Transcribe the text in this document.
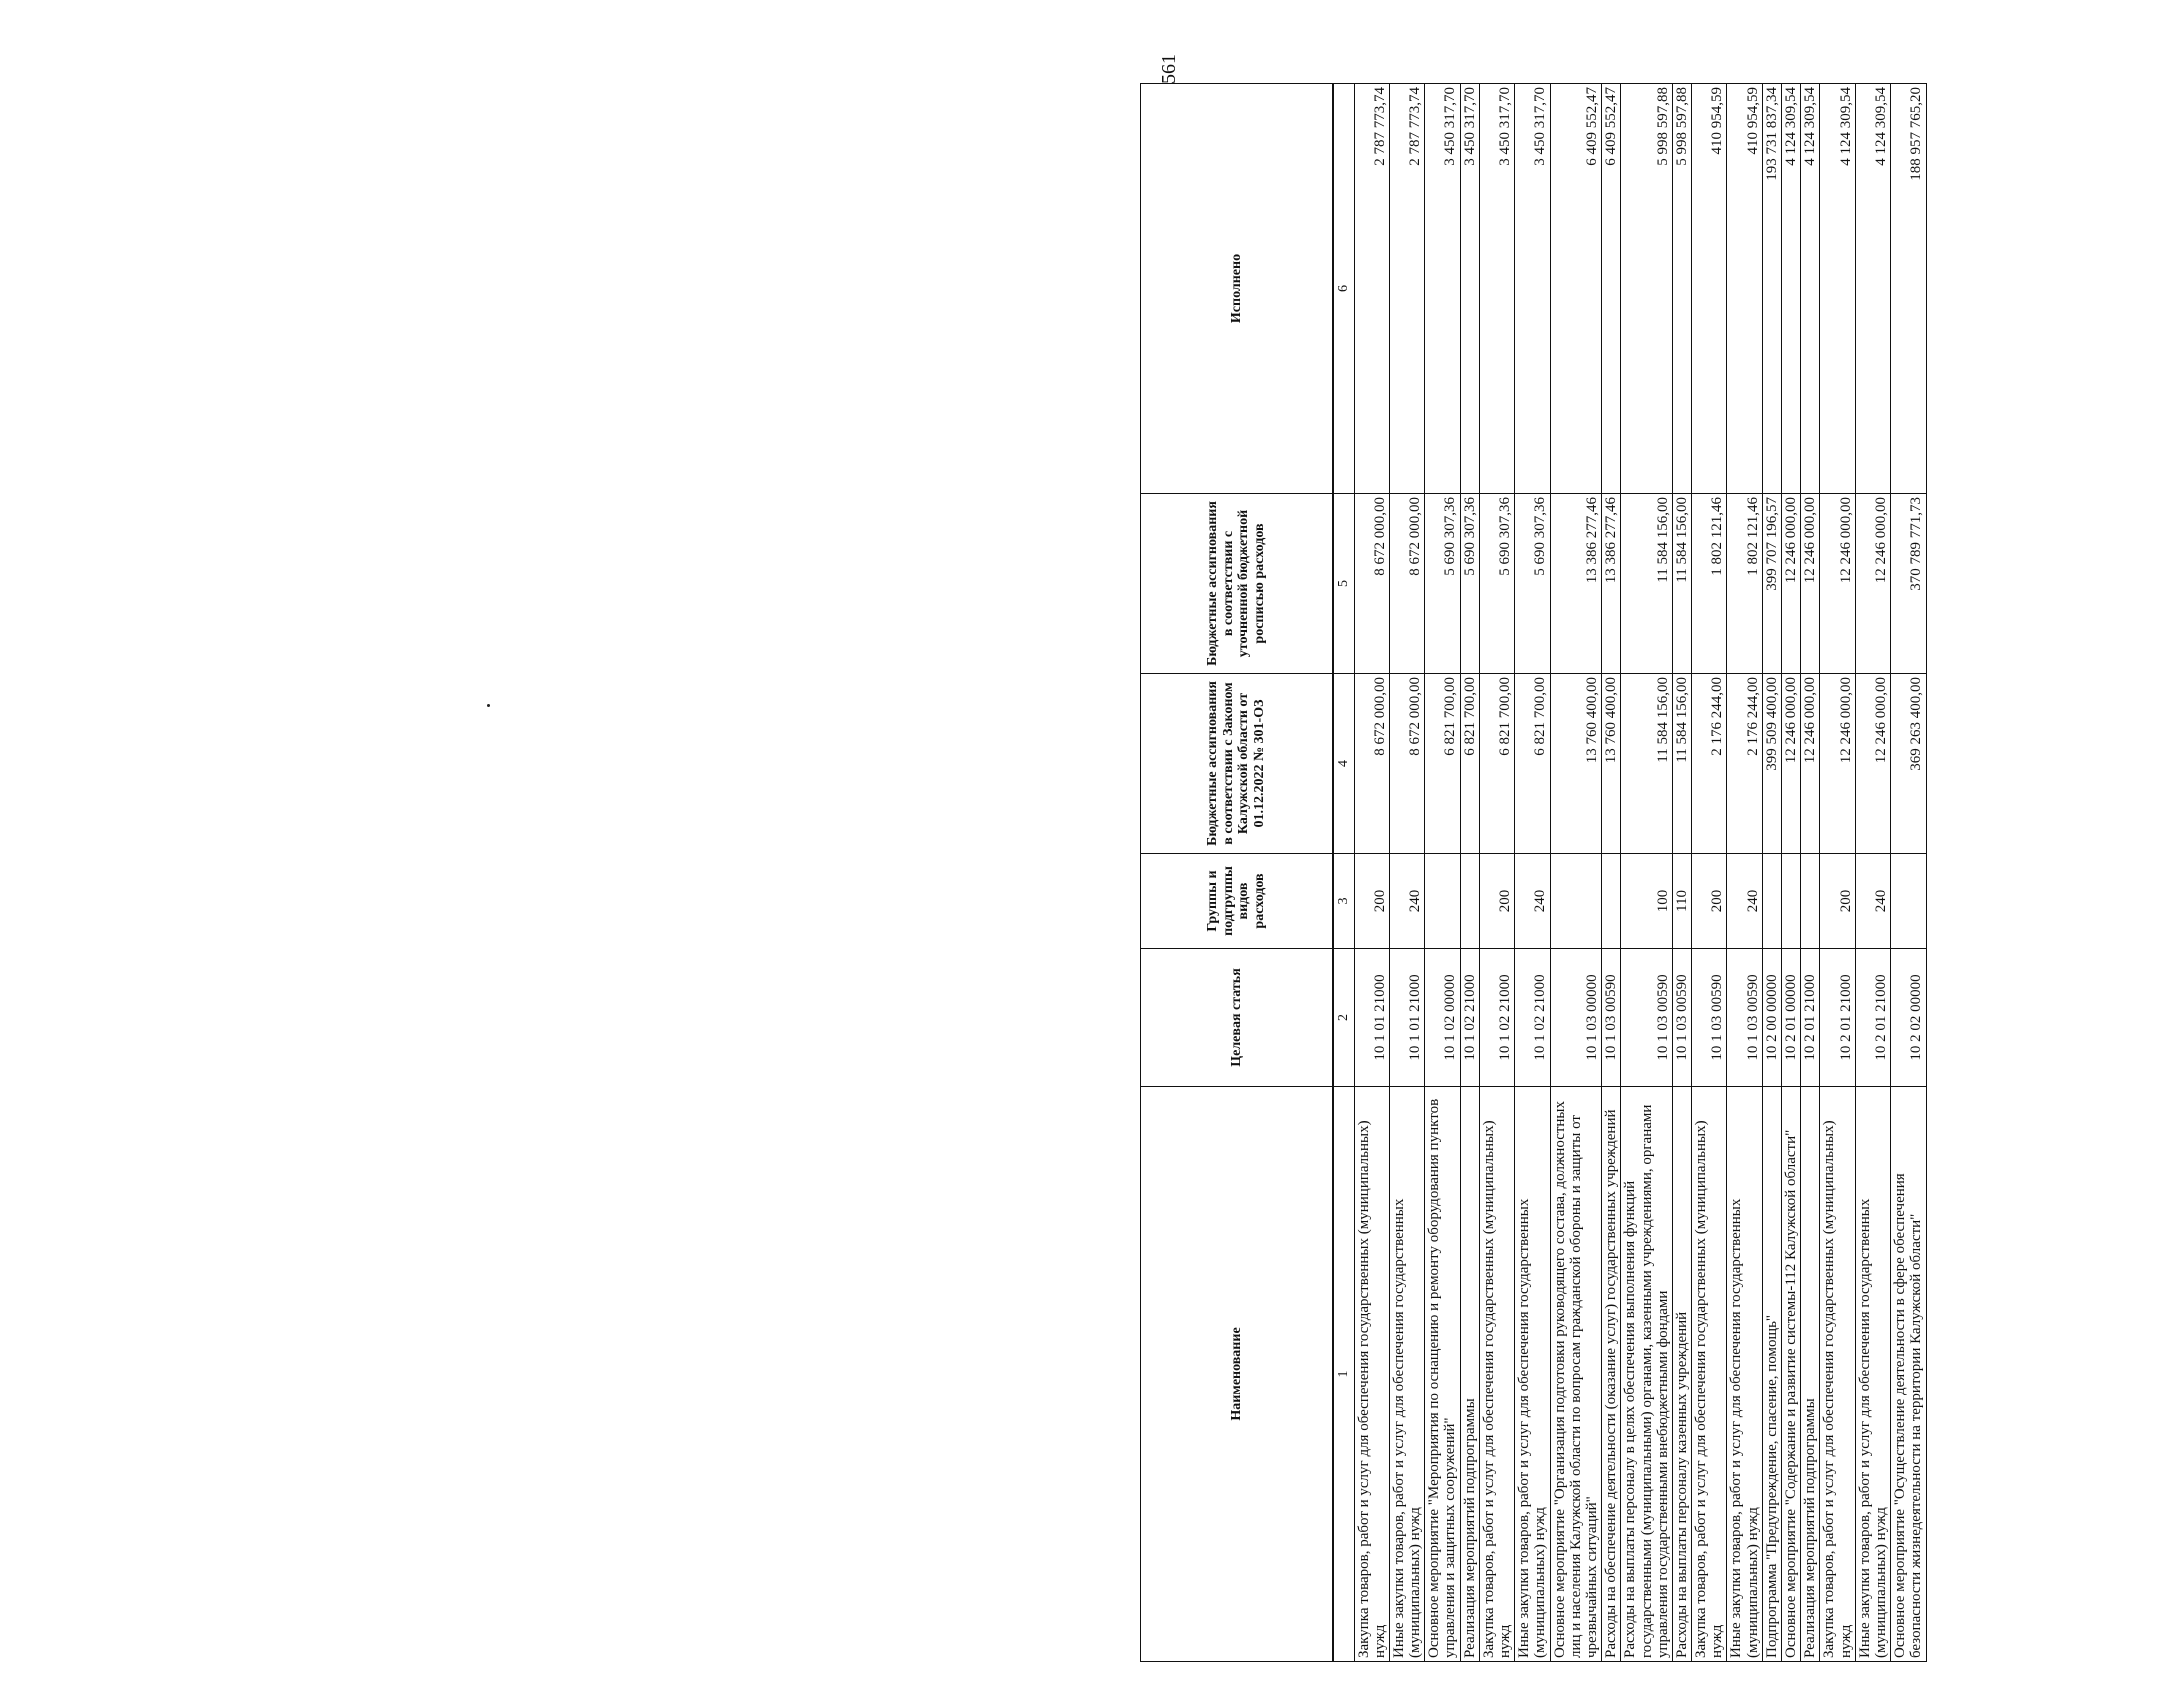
561
Наименование	Целевая статья	Группы и подгруппы видов расходов	Бюджетные ассигнования в соответствии с Законом Калужской области от 01.12.2022 № 301-ОЗ	Бюджетные ассигнования в соответствии с уточненной бюджетной росписью расходов	Исполнено
1	2	3	4	5	6
Закупка товаров, работ и услуг для обеспечения государственных (муниципальных) нужд	10 1 01 21000	200	8 672 000,00	8 672 000,00	2 787 773,74
Иные закупки товаров, работ и услуг для обеспечения государственных (муниципальных) нужд	10 1 01 21000	240	8 672 000,00	8 672 000,00	2 787 773,74
Основное мероприятие "Мероприятия по оснащению и ремонту оборудования пунктов управления и защитных сооружений"	10 1 02 00000		6 821 700,00	5 690 307,36	3 450 317,70
Реализация мероприятий подпрограммы	10 1 02 21000		6 821 700,00	5 690 307,36	3 450 317,70
Закупка товаров, работ и услуг для обеспечения государственных (муниципальных) нужд	10 1 02 21000	200	6 821 700,00	5 690 307,36	3 450 317,70
Иные закупки товаров, работ и услуг для обеспечения государственных (муниципальных) нужд	10 1 02 21000	240	6 821 700,00	5 690 307,36	3 450 317,70
Основное мероприятие "Организация подготовки руководящего состава, должностных лиц и населения Калужской области по вопросам гражданской обороны и защиты от чрезвычайных ситуаций"	10 1 03 00000		13 760 400,00	13 386 277,46	6 409 552,47
Расходы на обеспечение деятельности (оказание услуг) государственных учреждений	10 1 03 00590		13 760 400,00	13 386 277,46	6 409 552,47
Расходы на выплаты персоналу в целях обеспечения выполнения функций государственными (муниципальными) органами, казенными учреждениями, органами управления государственными внебюджетными фондами	10 1 03 00590	100	11 584 156,00	11 584 156,00	5 998 597,88
Расходы на выплаты персоналу казенных учреждений	10 1 03 00590	110	11 584 156,00	11 584 156,00	5 998 597,88
Закупка товаров, работ и услуг для обеспечения государственных (муниципальных) нужд	10 1 03 00590	200	2 176 244,00	1 802 121,46	410 954,59
Иные закупки товаров, работ и услуг для обеспечения государственных (муниципальных) нужд	10 1 03 00590	240	2 176 244,00	1 802 121,46	410 954,59
Подпрограмма "Предупреждение, спасение, помощь"	10 2 00 00000		399 509 400,00	399 707 196,57	193 731 837,34
Основное мероприятие "Содержание и развитие системы-112 Калужской области"	10 2 01 00000		12 246 000,00	12 246 000,00	4 124 309,54
Реализация мероприятий подпрограммы	10 2 01 21000		12 246 000,00	12 246 000,00	4 124 309,54
Закупка товаров, работ и услуг для обеспечения государственных (муниципальных) нужд	10 2 01 21000	200	12 246 000,00	12 246 000,00	4 124 309,54
Иные закупки товаров, работ и услуг для обеспечения государственных (муниципальных) нужд	10 2 01 21000	240	12 246 000,00	12 246 000,00	4 124 309,54
Основное мероприятие "Осуществление деятельности в сфере обеспечения безопасности жизнедеятельности на территории Калужской области"	10 2 02 00000		369 263 400,00	370 789 771,73	188 957 765,20
